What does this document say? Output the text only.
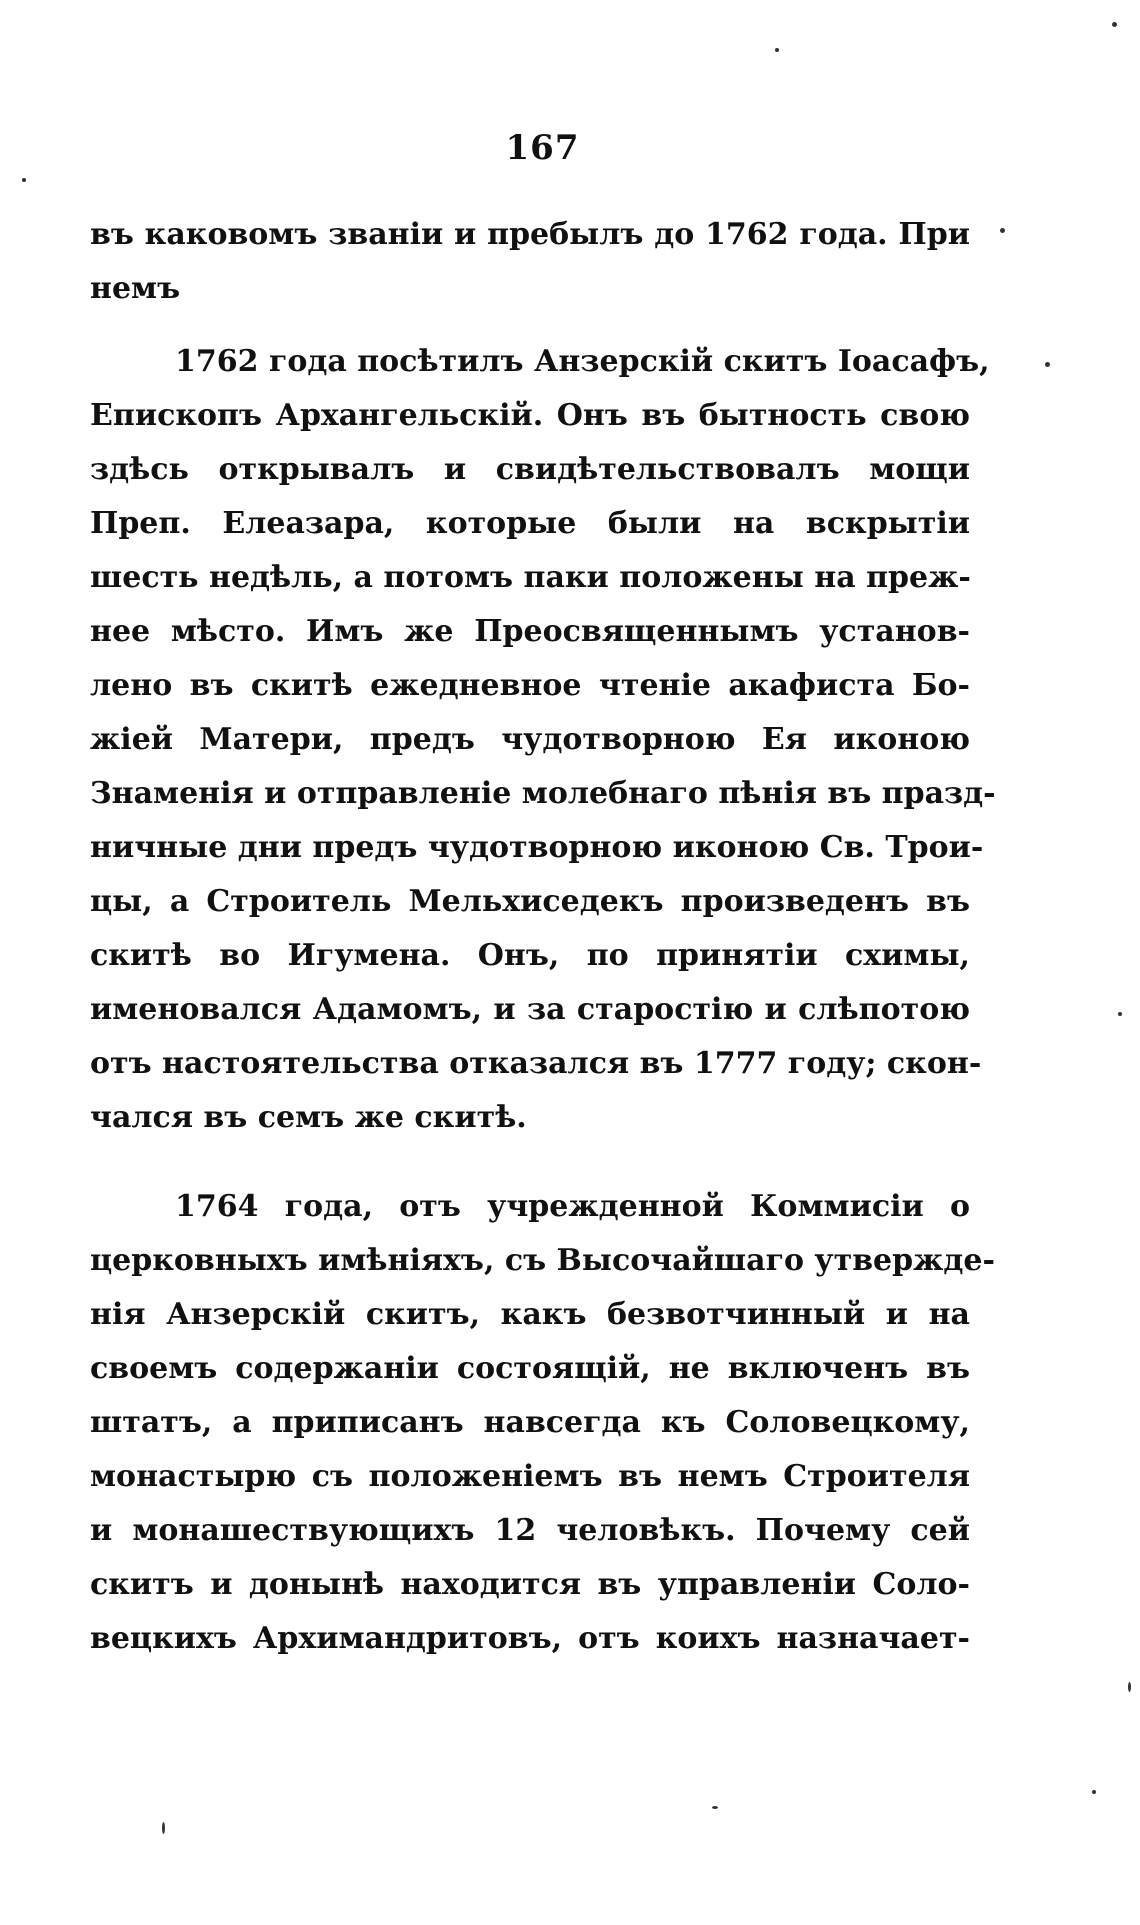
167
въ каковомъ званіи и пребылъ до 1762 года. При
немъ
1762 года посѣтилъ Анзерскій скитъ Іоасафъ,
Епископъ Архангельскій. Онъ въ бытность свою
здѣсь открывалъ и свидѣтельствовалъ мощи
Преп. Елеазара, которые были на вскрытіи
шесть недѣль, а потомъ паки положены на преж-
нее мѣсто. Имъ же Преосвященнымъ установ-
лено въ скитѣ ежедневное чтеніе акафиста Бо-
жіей Матери, предъ чудотворною Ея иконою
Знаменія и отправленіе молебнаго пѣнія въ празд-
ничные дни предъ чудотворною иконою Св. Трои-
цы, а Строитель Мельхиседекъ произведенъ въ
скитѣ во Игумена. Онъ, по принятіи схимы,
именовался Адамомъ, и за старостію и слѣпотою
отъ настоятельства отказался въ 1777 году; скон-
чался въ семъ же скитѣ.
1764 года, отъ учрежденной Коммисіи о
церковныхъ имѣніяхъ, съ Высочайшаго утвержде-
нія Анзерскій скитъ, какъ безвотчинный и на
своемъ содержаніи состоящій, не включенъ въ
штатъ, а приписанъ навсегда къ Соловецкому,
монастырю съ положеніемъ въ немъ Строителя
и монашествующихъ 12 человѣкъ. Почему сей
скитъ и донынѣ находится въ управленіи Соло-
вецкихъ Архимандритовъ, отъ коихъ назначает-
